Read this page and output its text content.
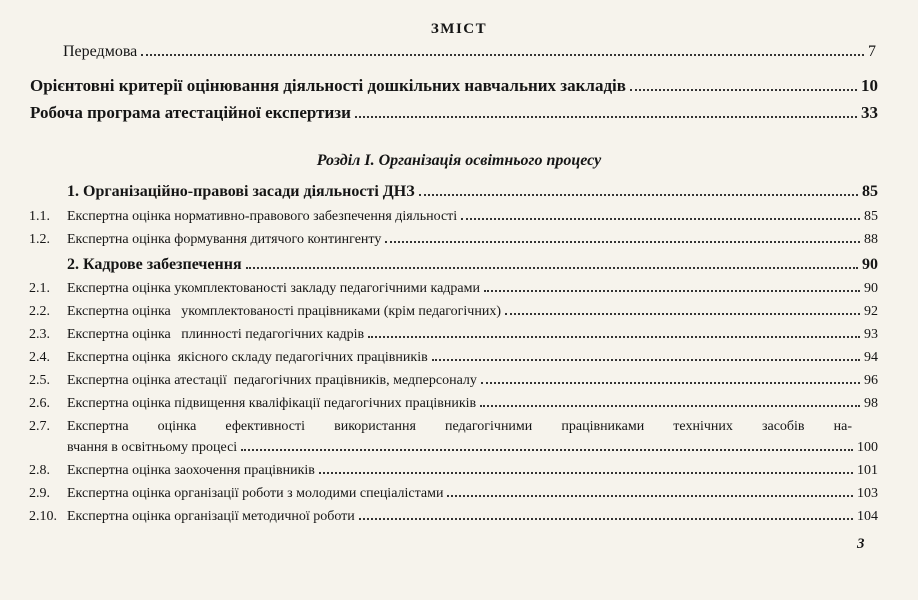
ЗМІСТ
Передмова	7
Орієнтовні критерії оцінювання діяльності дошкільних навчальних закладів	10
Робоча програма атестаційної експертизи	33
Розділ І. Організація освітнього процесу
1. Організаційно-правові засади діяльності ДНЗ	85
1.1.	Експертна оцінка нормативно-правового забезпечення діяльності	85
1.2.	Експертна оцінка формування дитячого контингенту	88
2. Кадрове забезпечення	90
2.1.	Експертна оцінка укомплектованості закладу педагогічними кадрами	90
2.2.	Експертна оцінка   укомплектованості працівниками (крім педагогічних)	92
2.3.	Експертна оцінка   плинності педагогічних кадрів	93
2.4.	Експертна оцінка  якісного складу педагогічних працівників	94
2.5.	Експертна оцінка атестації  педагогічних працівників, медперсоналу	96
2.6.	Експертна оцінка підвищення кваліфікації педагогічних працівників	98
2.7. Експертна оцінка ефективності використання педагогічними працівниками технічних засобів на-
вчання в освітньому процесі	100
2.8.	Експертна оцінка заохочення працівників	101
2.9.	Експертна оцінка організації роботи з молодими спеціалістами	103
2.10. Експертна оцінка організації методичної роботи	104
3
